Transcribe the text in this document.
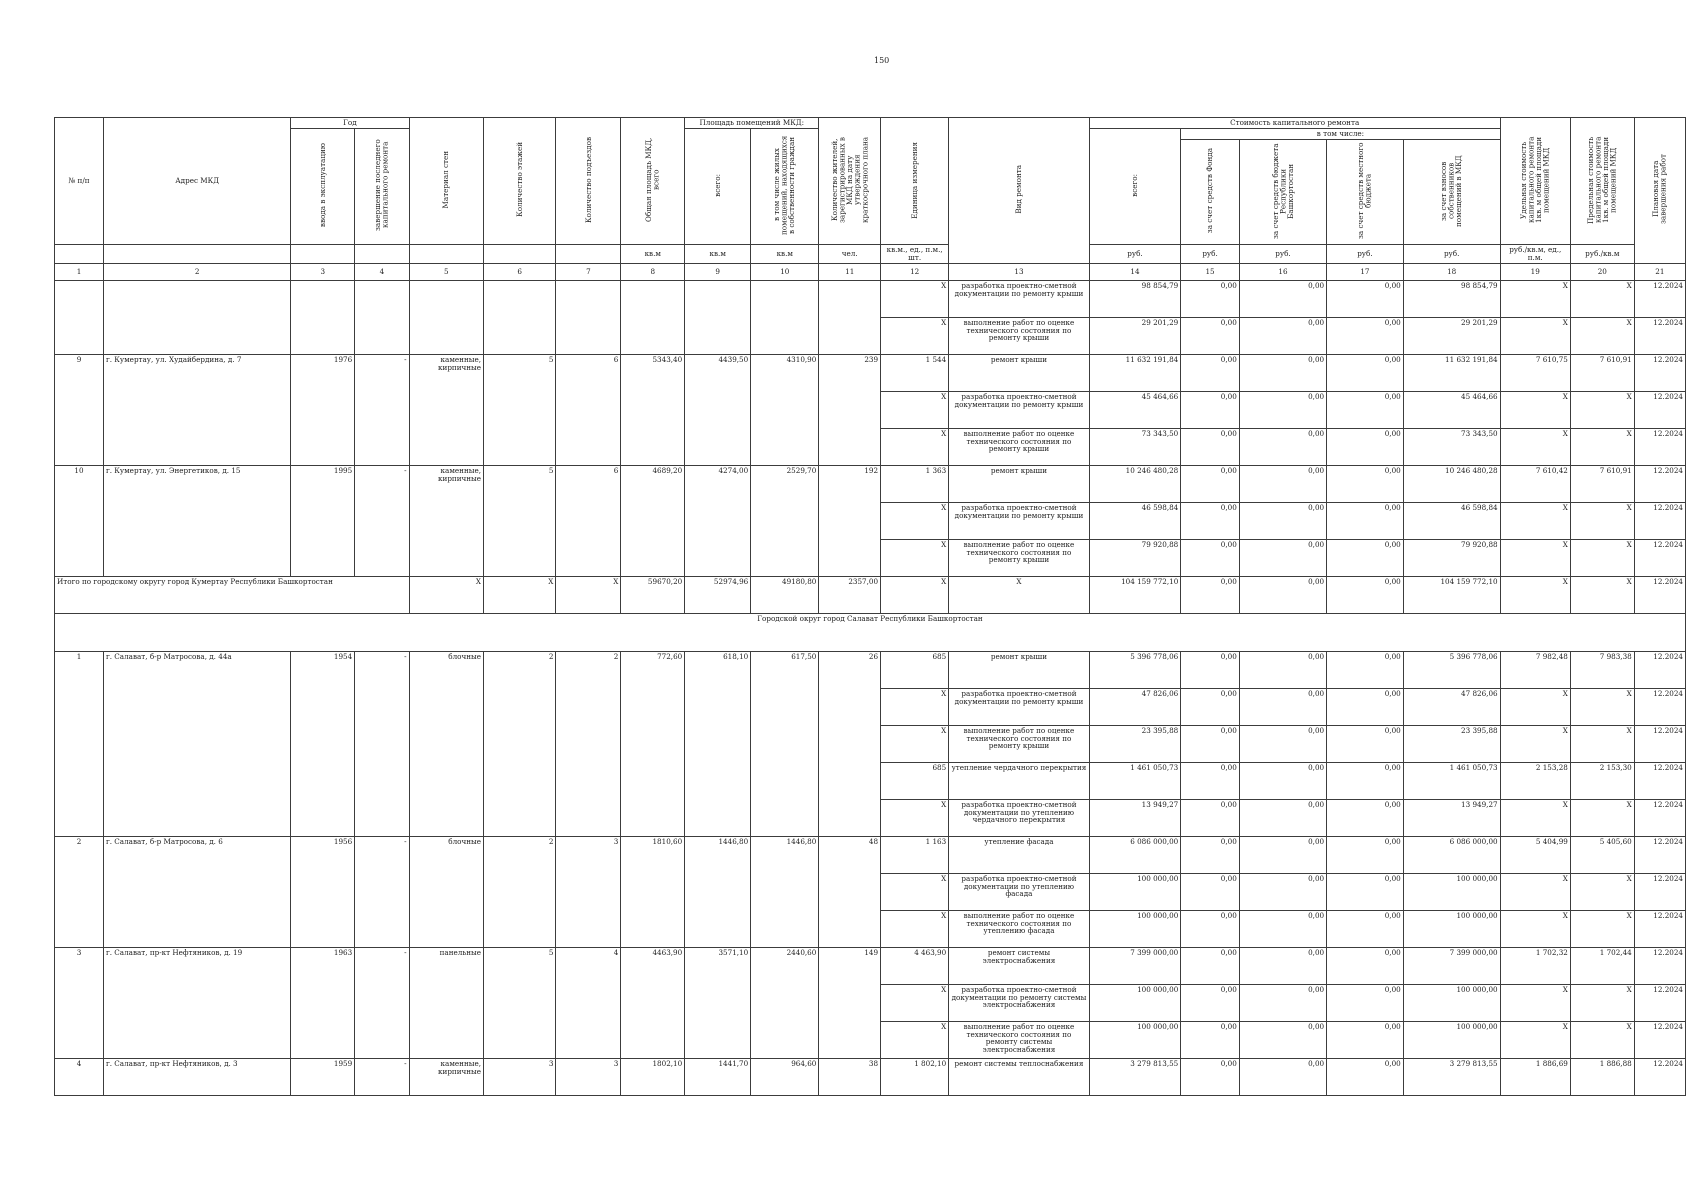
150
№ п/п	Адрес МКД	Год		Материал стен	Количество этажей	Количество подъездов	Общая площадь МКД, всего	Площадь помещений МКД:		Количество жителей, зарегистрированных в МКД на дату утверждения краткосрочного плана	Единица измерения	Вид ремонта	Стоимость капитального ремонта					Удельная стоимость капитального ремонта 1кв. м общей площади помещений МКД	Предельная стоимость капитального ремонта 1кв. м общей площади помещений МКД	Плановая дата завершения работ
		ввода в эксплуатацию	завершение последнего капитального ремонта					всего:	в том числе жилых помещений, находящихся в собственности граждан				всего:	в том числе:						
														за счет средств Фонда	за счет средств бюджета Республики Башкортостан	за счет средств местного бюджета	за счет взносов собственников помещений в МКД			
							кв.м	кв.м	кв.м	чел.	кв.м., ед., п.м., шт.		руб.	руб.	руб.	руб.	руб.	руб./кв.м, ед., п.м.	руб./кв.м	
1	2	3	4	5	6	7	8	9	10	11	12	13	14	15	16	17	18	19	20	21
											X	разработка проектно-сметной документации по ремонту крыши	98 854,79	0,00	0,00	0,00	98 854,79	X	X	12.2024
											X	выполнение работ по оценке технического состояния по ремонту крыши	29 201,29	0,00	0,00	0,00	29 201,29	X	X	12.2024
9	г. Кумертау, ул. Худайбердина, д. 7	1976	-	каменные, кирпичные	5	6	5343,40	4439,50	4310,90	239	1 544	ремонт крыши	11 632 191,84	0,00	0,00	0,00	11 632 191,84	7 610,75	7 610,91	12.2024
											X	разработка проектно-сметной документации по ремонту крыши	45 464,66	0,00	0,00	0,00	45 464,66	X	X	12.2024
											X	выполнение работ по оценке технического состояния по ремонту крыши	73 343,50	0,00	0,00	0,00	73 343,50	X	X	12.2024
10	г. Кумертау, ул. Энергетиков, д. 15	1995	-	каменные, кирпичные	5	6	4689,20	4274,00	2529,70	192	1 363	ремонт крыши	10 246 480,28	0,00	0,00	0,00	10 246 480,28	7 610,42	7 610,91	12.2024
											X	разработка проектно-сметной документации по ремонту крыши	46 598,84	0,00	0,00	0,00	46 598,84	X	X	12.2024
											X	выполнение работ по оценке технического состояния по ремонту крыши	79 920,88	0,00	0,00	0,00	79 920,88	X	X	12.2024
Итого по городскому округу город Кумертау Республики Башкортостан				X	X	X	59670,20	52974,96	49180,80	2357,00	X	X	104 159 772,10	0,00	0,00	0,00	104 159 772,10	X	X	12.2024
Городской округ город Салават Республики Башкортостан																				
1	г. Салават, б-р Матросова, д. 44а	1954	-	блочные	2	2	772,60	618,10	617,50	26	685	ремонт крыши	5 396 778,06	0,00	0,00	0,00	5 396 778,06	7 982,48	7 983,38	12.2024
											X	разработка проектно-сметной документации по ремонту крыши	47 826,06	0,00	0,00	0,00	47 826,06	X	X	12.2024
											X	выполнение работ по оценке технического состояния по ремонту крыши	23 395,88	0,00	0,00	0,00	23 395,88	X	X	12.2024
											685	утепление чердачного перекрытия	1 461 050,73	0,00	0,00	0,00	1 461 050,73	2 153,28	2 153,30	12.2024
											X	разработка проектно-сметной документации по утеплению чердачного перекрытия	13 949,27	0,00	0,00	0,00	13 949,27	X	X	12.2024
2	г. Салават, б-р Матросова, д. 6	1956	-	блочные	2	3	1810,60	1446,80	1446,80	48	1 163	утепление фасада	6 086 000,00	0,00	0,00	0,00	6 086 000,00	5 404,99	5 405,60	12.2024
											X	разработка проектно-сметной документации по утеплению фасада	100 000,00	0,00	0,00	0,00	100 000,00	X	X	12.2024
											X	выполнение работ по оценке технического состояния по утеплению фасада	100 000,00	0,00	0,00	0,00	100 000,00	X	X	12.2024
3	г. Салават, пр-кт Нефтяников, д. 19	1963	-	панельные	5	4	4463,90	3571,10	2440,60	149	4 463,90	ремонт системы электроснабжения	7 399 000,00	0,00	0,00	0,00	7 399 000,00	1 702,32	1 702,44	12.2024
											X	разработка проектно-сметной документации по ремонту системы электроснабжения	100 000,00	0,00	0,00	0,00	100 000,00	X	X	12.2024
											X	выполнение работ по оценке технического состояния по ремонту системы электроснабжения	100 000,00	0,00	0,00	0,00	100 000,00	X	X	12.2024
4	г. Салават, пр-кт Нефтяников, д. 3	1959	-	каменные, кирпичные	3	3	1802,10	1441,70	964,60	38	1 802,10	ремонт системы теплоснабжения	3 279 813,55	0,00	0,00	0,00	3 279 813,55	1 886,69	1 886,88	12.2024
